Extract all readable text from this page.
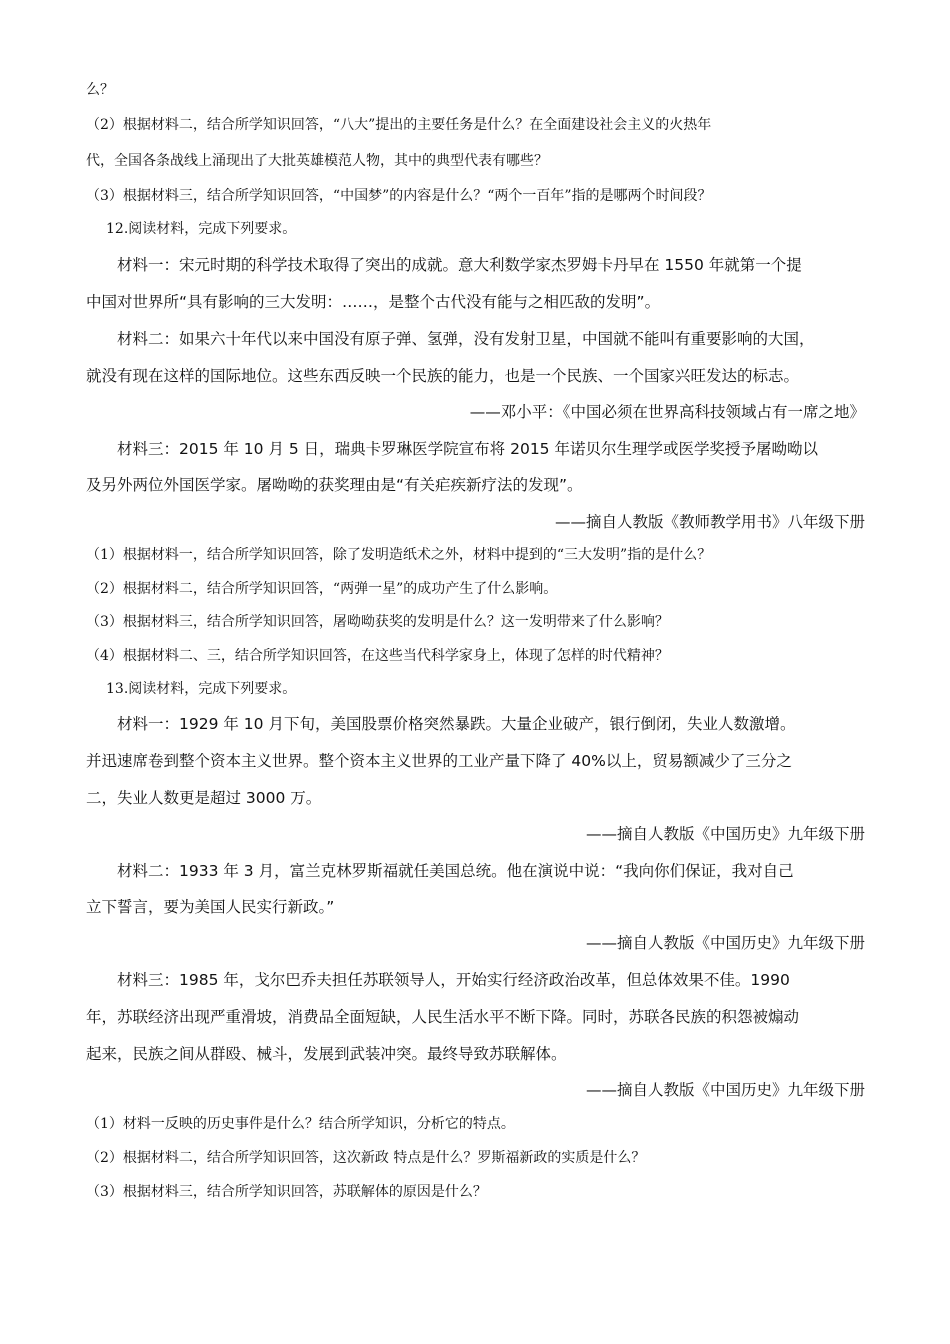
么？
（2）根据材料二，结合所学知识回答，“八大”提出的主要任务是什么？在全面建设社会主义的火热年
代，全国各条战线上涌现出了大批英雄模范人物，其中的典型代表有哪些？
（3）根据材料三，结合所学知识回答，“中国梦”的内容是什么？“两个一百年”指的是哪两个时间段？
12.阅读材料，完成下列要求。
材料一：宋元时期的科学技术取得了突出的成就。意大利数学家杰罗姆卡丹早在 1550 年就第一个提
中国对世界所“具有影响的三大发明：……，是整个古代没有能与之相匹敌的发明”。
材料二：如果六十年代以来中国没有原子弹、氢弹，没有发射卫星，中国就不能叫有重要影响的大国，
就没有现在这样的国际地位。这些东西反映一个民族的能力，也是一个民族、一个国家兴旺发达的标志。
——邓小平：《中国必须在世界高科技领域占有一席之地》
材料三：2015 年 10 月 5 日，瑞典卡罗琳医学院宣布将 2015 年诺贝尔生理学或医学奖授予屠呦呦以
及另外两位外国医学家。屠呦呦的获奖理由是“有关疟疾新疗法的发现”。
——摘自人教版《教师教学用书》八年级下册
（1）根据材料一，结合所学知识回答，除了发明造纸术之外，材料中提到的“三大发明”指的是什么？
（2）根据材料二，结合所学知识回答，“两弹一星”的成功产生了什么影响。
（3）根据材料三，结合所学知识回答，屠呦呦获奖的发明是什么？这一发明带来了什么影响？
（4）根据材料二、三，结合所学知识回答，在这些当代科学家身上，体现了怎样的时代精神？
13.阅读材料，完成下列要求。
材料一：1929 年 10 月下旬，美国股票价格突然暴跌。大量企业破产，银行倒闭，失业人数激增。
并迅速席卷到整个资本主义世界。整个资本主义世界的工业产量下降了 40%以上，贸易额减少了三分之
二，失业人数更是超过 3000 万。
——摘自人教版《中国历史》九年级下册
材料二：1933 年 3 月，富兰克林罗斯福就任美国总统。他在演说中说：“我向你们保证，我对自己
立下誓言，要为美国人民实行新政。”
——摘自人教版《中国历史》九年级下册
材料三：1985 年，戈尔巴乔夫担任苏联领导人，开始实行经济政治改革，但总体效果不佳。1990
年，苏联经济出现严重滑坡，消费品全面短缺，人民生活水平不断下降。同时，苏联各民族的积怨被煽动
起来，民族之间从群殴、械斗，发展到武装冲突。最终导致苏联解体。
——摘自人教版《中国历史》九年级下册
（1）材料一反映的历史事件是什么？结合所学知识，分析它的特点。
（2）根据材料二，结合所学知识回答，这次新政 特点是什么？罗斯福新政的实质是什么？
（3）根据材料三，结合所学知识回答，苏联解体的原因是什么？
